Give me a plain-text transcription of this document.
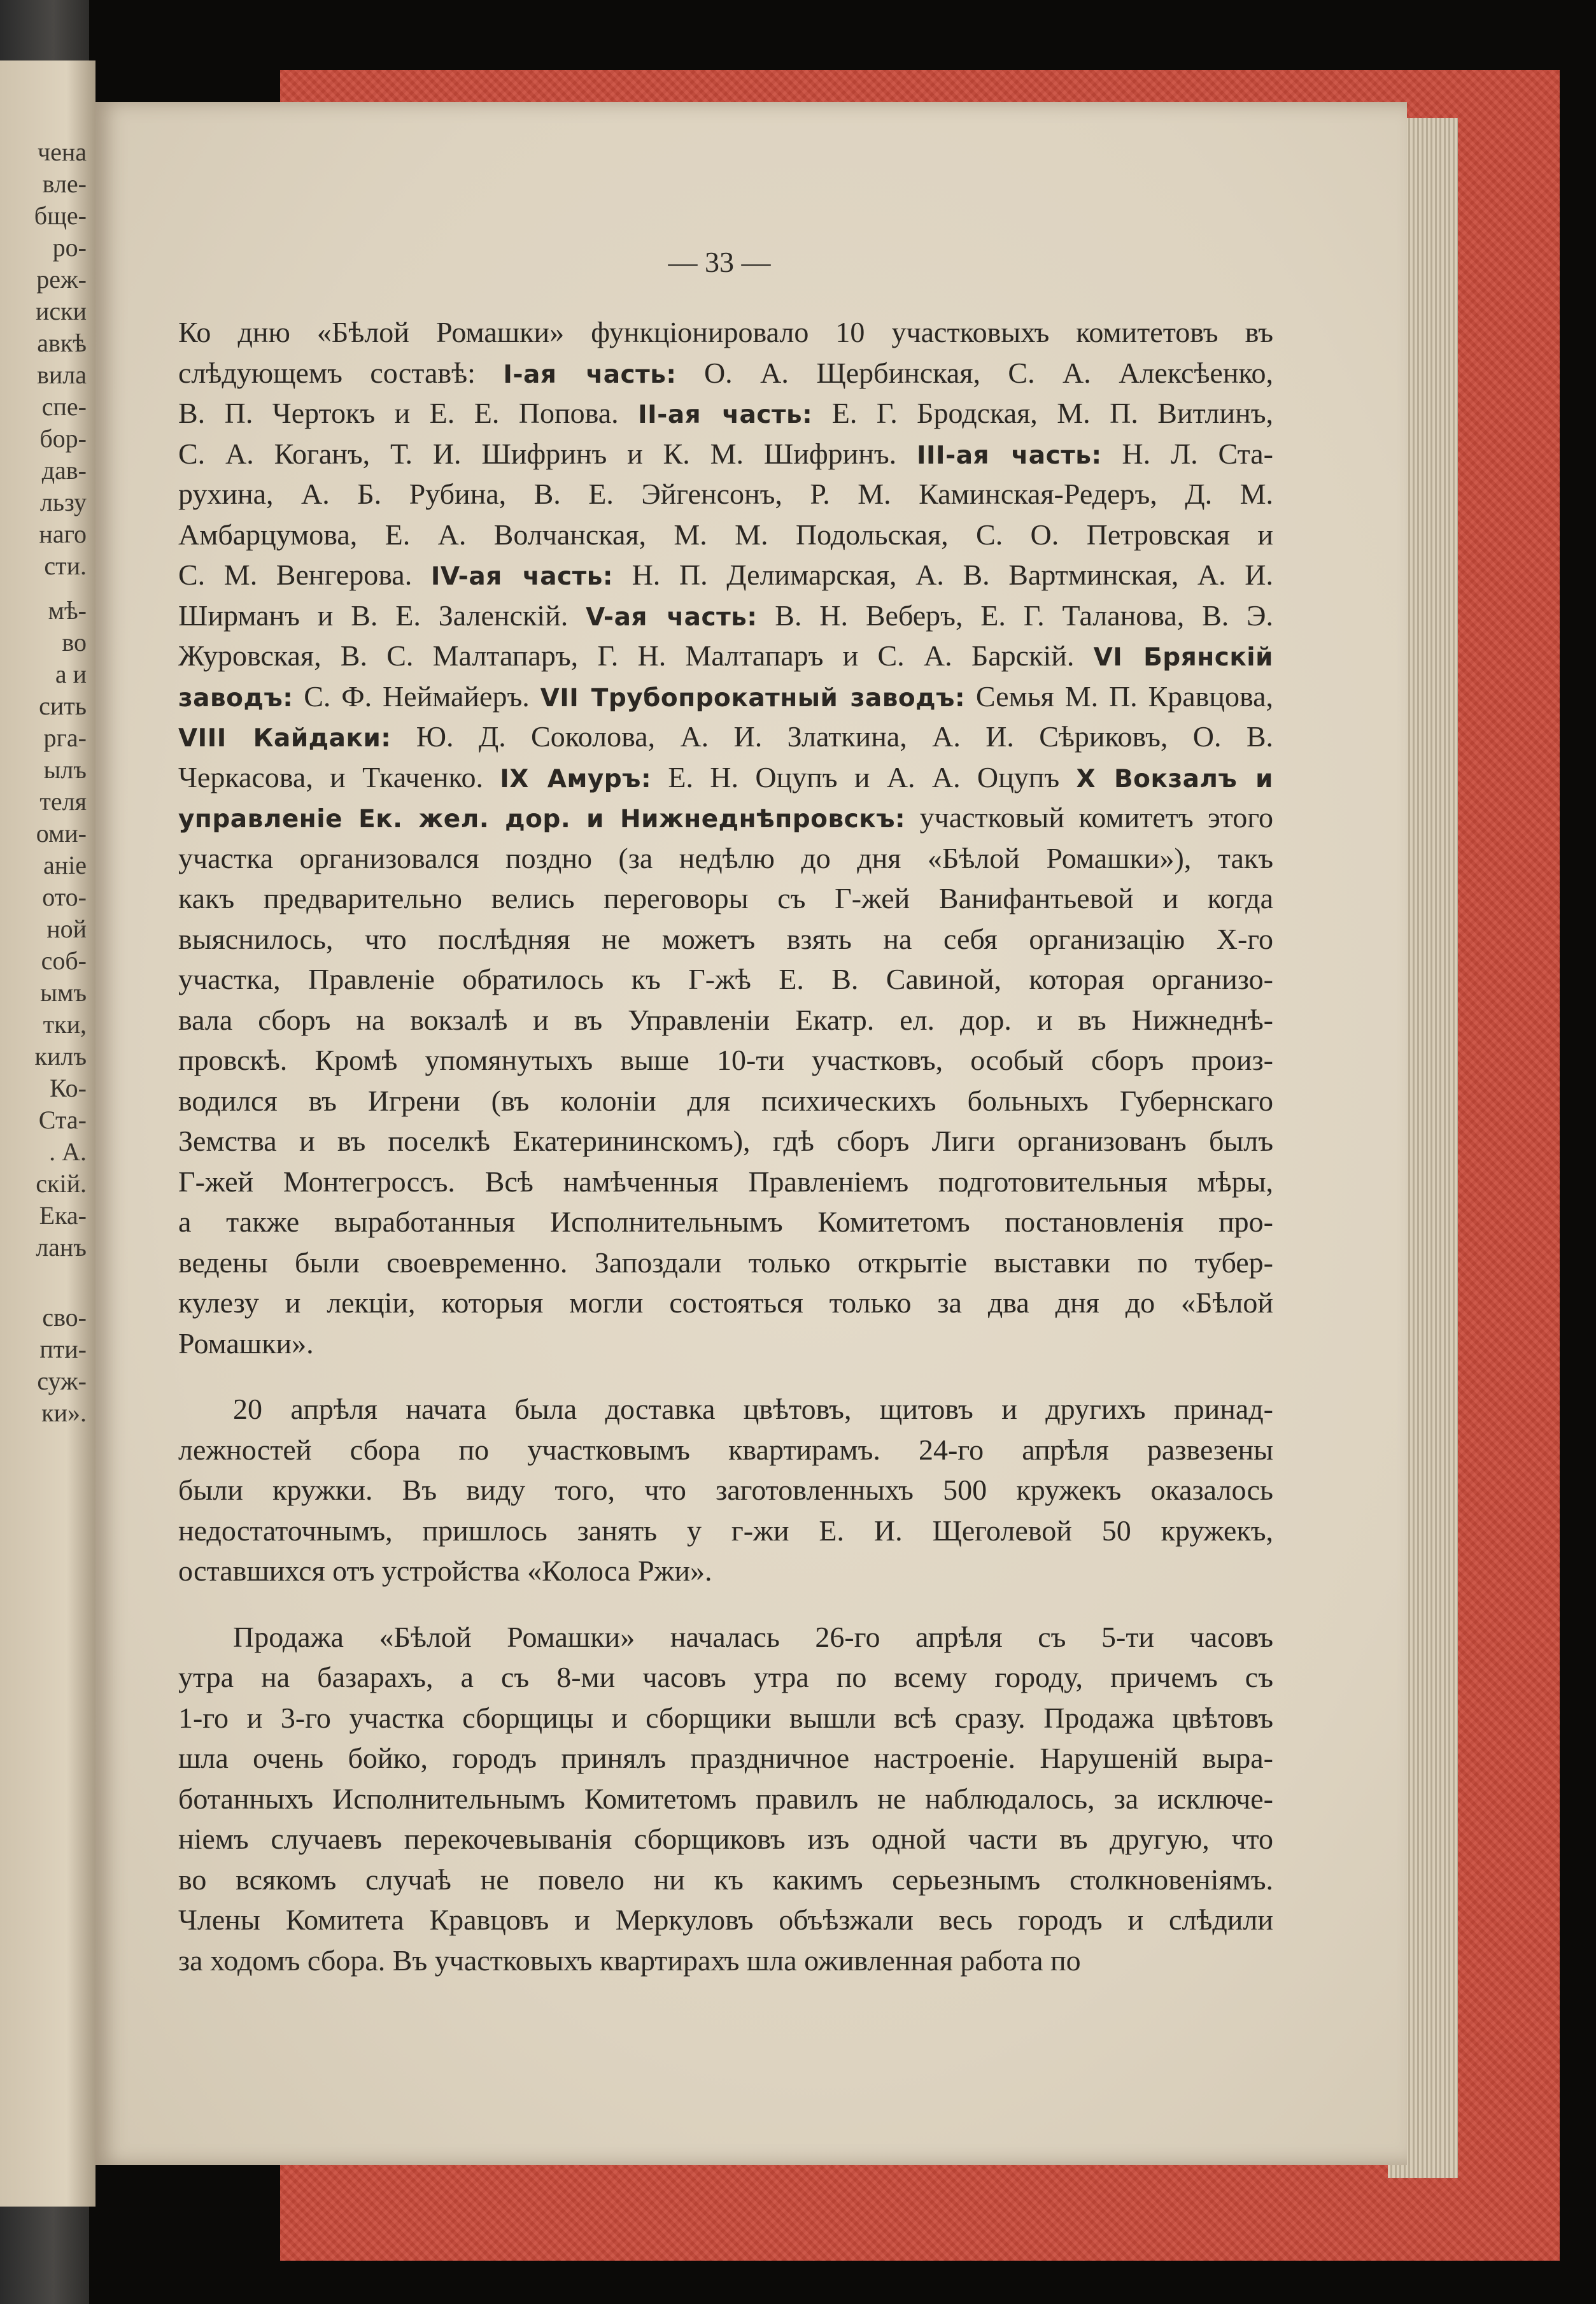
чена
вле-
бще-
ро-
реж-
иски
авкѣ
вила
спе-
бор-
дав-
льзу
наго
сти.
мѣ-
во
а и
сить
рга-
ылъ
теля
оми-
аніе
ото-
ной
соб-
ымъ
тки,
килъ
Ко-
Ста-
. А.
скій.
Ека-
ланъ
сво-
пти-
суж-
ки».
— 33 —
Ко дню «Бѣлой Ромашки» функціонировало 10 участковыхъ комитетовъ въ
слѣдующемъ составѣ: I-ая часть: О. А. Щербинская, С. А. Алексѣенко,
В. П. Чертокъ и Е. Е. Попова. II-ая часть: Е. Г. Бродская, М. П. Витлинъ,
С. А. Коганъ, Т. И. Шифринъ и К. М. Шифринъ. III-ая часть: Н. Л. Ста-
рухина, А. Б. Рубина, В. Е. Эйгенсонъ, Р. М. Каминская-Редеръ, Д. М.
Амбарцумова, Е. А. Волчанская, М. М. Подольская, С. О. Петровская и
С. М. Венгерова. IV-ая часть: Н. П. Делимарская, А. В. Вартминская, А. И.
Ширманъ и В. Е. Заленскій. V-ая часть: В. Н. Веберъ, Е. Г. Таланова, В. Э.
Журовская, В. С. Малтапаръ, Г. Н. Малтапаръ и С. А. Барскій. VI Брянскій
заводъ: С. Ф. Неймайеръ. VII Трубопрокатный заводъ: Семья М. П. Кравцова,
VIII Кайдаки: Ю. Д. Соколова, А. И. Златкина, А. И. Сѣриковъ, О. В.
Черкасова, и Ткаченко. IX Амуръ: Е. Н. Оцупъ и А. А. Оцупъ X Вокзалъ и
управленіе Ек. жел. дор. и Нижнеднѣпровскъ: участковый комитетъ этого
участка организовался поздно (за недѣлю до дня «Бѣлой Ромашки»), такъ
какъ предварительно велись переговоры съ Г-жей Ванифантьевой и когда
выяснилось, что послѣдняя не можетъ взять на себя организацію Х-го
участка, Правленіе обратилось къ Г-жѣ Е. В. Савиной, которая организо-
вала сборъ на вокзалѣ и въ Управленіи Екатр. ел. дор. и въ Нижнеднѣ-
провскѣ. Кромѣ упомянутыхъ выше 10-ти участковъ, особый сборъ произ-
водился въ Игрени (въ колоніи для психическихъ больныхъ Губернскаго
Земства и въ поселкѣ Екатерининскомъ), гдѣ сборъ Лиги организованъ былъ
Г-жей Монтегроссъ. Всѣ намѣченныя Правленіемъ подготовительныя мѣры,
а также выработанныя Исполнительнымъ Комитетомъ постановленія про-
ведены были своевременно. Запоздали только открытіе выставки по тубер-
кулезу и лекціи, которыя могли состояться только за два дня до «Бѣлой
Ромашки».
20 апрѣля начата была доставка цвѣтовъ, щитовъ и другихъ принад-
лежностей сбора по участковымъ квартирамъ. 24-го апрѣля развезены
были кружки. Въ виду того, что заготовленныхъ 500 кружекъ оказалось
недостаточнымъ, пришлось занять у г-жи Е. И. Щеголевой 50 кружекъ,
оставшихся отъ устройства «Колоса Ржи».
Продажа «Бѣлой Ромашки» началась 26-го апрѣля съ 5-ти часовъ
утра на базарахъ, а съ 8-ми часовъ утра по всему городу, причемъ съ
1-го и 3-го участка сборщицы и сборщики вышли всѣ сразу. Продажа цвѣтовъ
шла очень бойко, городъ принялъ праздничное настроеніе. Нарушеній выра-
ботанныхъ Исполнительнымъ Комитетомъ правилъ не наблюдалось, за исключе-
ніемъ случаевъ перекочевыванія сборщиковъ изъ одной части въ другую, что
во всякомъ случаѣ не повело ни къ какимъ серьезнымъ столкновеніямъ.
Члены Комитета Кравцовъ и Меркуловъ объѣзжали весь городъ и слѣдили
за ходомъ сбора. Въ участковыхъ квартирахъ шла оживленная работа по
